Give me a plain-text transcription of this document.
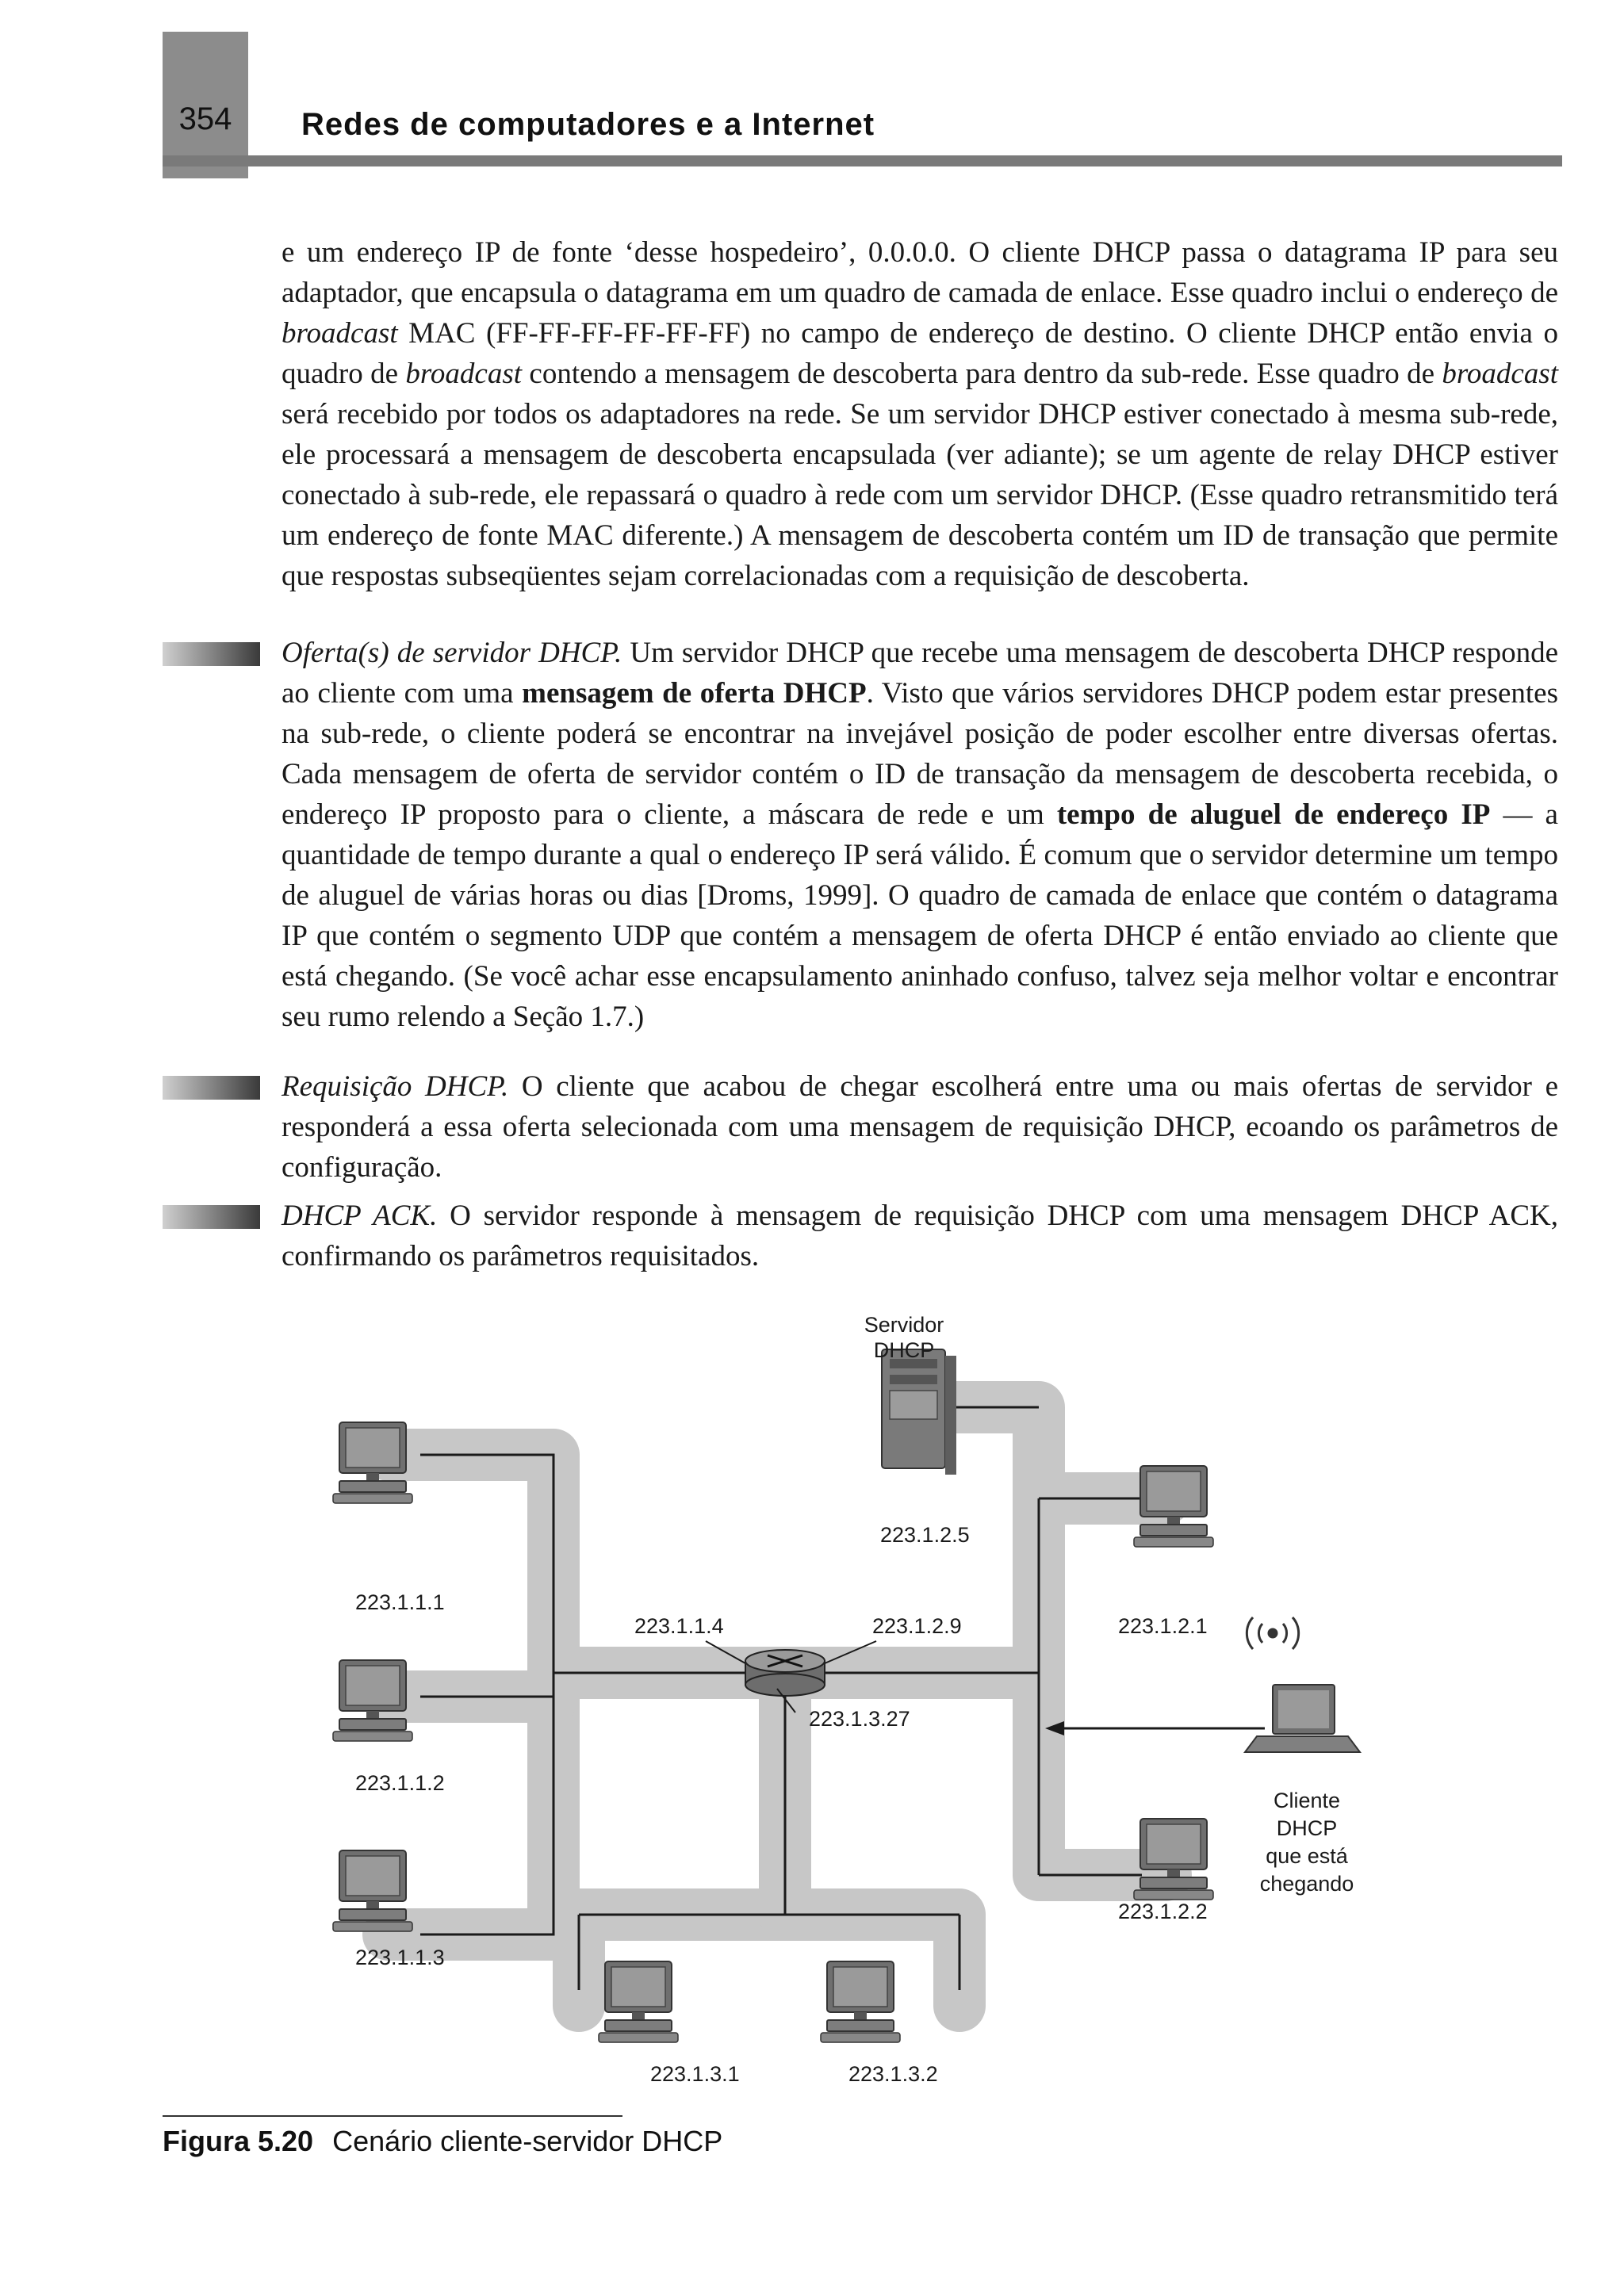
354	Redes de computadores e a Internet

e um endereço IP de fonte ‘desse hospedeiro’, 0.0.0.0. O cliente DHCP passa o datagrama IP para seu adaptador, que encapsula o datagrama em um quadro de camada de enlace. Esse quadro inclui o endereço de broadcast MAC (FF-FF-FF-FF-FF-FF) no campo de endereço de destino. O cliente DHCP então envia o quadro de broadcast contendo a mensagem de descoberta para dentro da sub-rede. Esse quadro de broadcast será recebido por todos os adaptadores na rede. Se um servidor DHCP estiver conectado à mesma sub-rede, ele processará a mensagem de descoberta encapsulada (ver adiante); se um agente de relay DHCP estiver conectado à sub-rede, ele repassará o quadro à rede com um servidor DHCP. (Esse quadro retransmitido terá um endereço de fonte MAC diferente.) A mensagem de descoberta contém um ID de transação que permite que respostas subseqüentes sejam correlacionadas com a requisição de descoberta.

Oferta(s) de servidor DHCP. Um servidor DHCP que recebe uma mensagem de descoberta DHCP responde ao cliente com uma mensagem de oferta DHCP. Visto que vários servidores DHCP podem estar presentes na sub-rede, o cliente poderá se encontrar na invejável posição de poder escolher entre diversas ofertas. Cada mensagem de oferta de servidor contém o ID de transação da mensagem de descoberta recebida, o endereço IP proposto para o cliente, a máscara de rede e um tempo de aluguel de endereço IP — a quantidade de tempo durante a qual o endereço IP será válido. É comum que o servidor determine um tempo de aluguel de várias horas ou dias [Droms, 1999]. O quadro de camada de enlace que contém o datagrama IP que contém o segmento UDP que contém a mensagem de oferta DHCP é então enviado ao cliente que está chegando. (Se você achar esse encapsulamento aninhado confuso, talvez seja melhor voltar e encontrar seu rumo relendo a Seção 1.7.)

Requisição DHCP. O cliente que acabou de chegar escolherá entre uma ou mais ofertas de servidor e responderá a essa oferta selecionada com uma mensagem de requisição DHCP, ecoando os parâmetros de configuração.

DHCP ACK. O servidor responde à mensagem de requisição DHCP com uma mensagem DHCP ACK, confirmando os parâmetros requisitados.

Servidor
DHCP
223.1.2.5
223.1.1.4	223.1.2.9
223.1.3.27
223.1.1.1
223.1.1.2
223.1.1.3
223.1.2.1
223.1.2.2
223.1.3.1	223.1.3.2
Cliente
DHCP
que está
chegando
Figura 5.20 Cenário cliente-servidor DHCP
